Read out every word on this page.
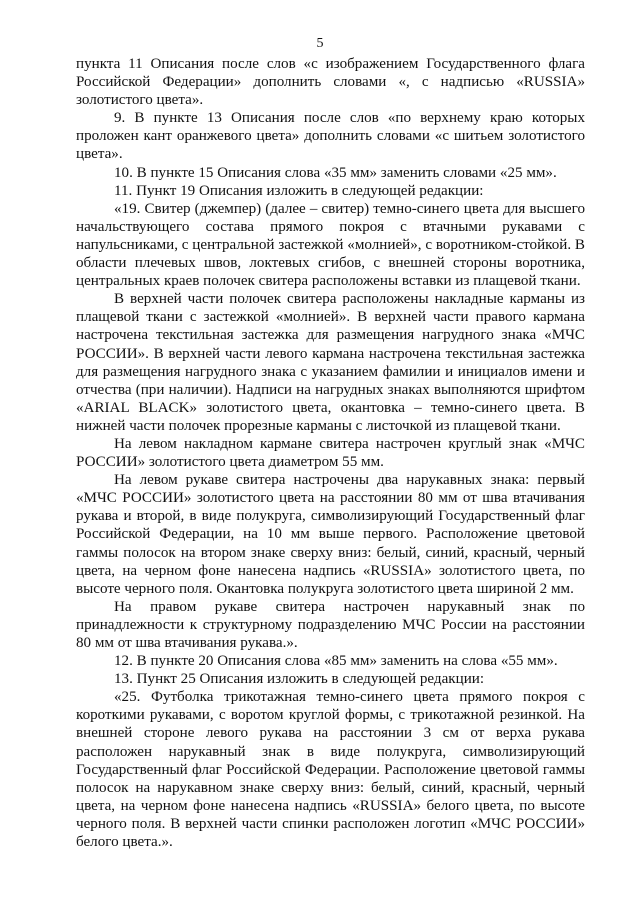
5

пункта 11 Описания после слов «с изображением Государственного флага Российской Федерации» дополнить словами «, с надписью «RUSSIA» золотистого цвета».

9. В пункте 13 Описания после слов «по верхнему краю которых проложен кант оранжевого цвета» дополнить словами «с шитьем золотистого цвета».

10. В пункте 15 Описания слова «35 мм» заменить словами «25 мм».

11. Пункт 19 Описания изложить в следующей редакции:

«19. Свитер (джемпер) (далее – свитер) темно-синего цвета для высшего начальствующего состава прямого покроя с втачными рукавами с напульсниками, с центральной застежкой «молнией», с воротником-стойкой. В области плечевых швов, локтевых сгибов, с внешней стороны воротника, центральных краев полочек свитера расположены вставки из плащевой ткани.

В верхней части полочек свитера расположены накладные карманы из плащевой ткани с застежкой «молнией». В верхней части правого кармана настрочена текстильная застежка для размещения нагрудного знака «МЧС РОССИИ». В верхней части левого кармана настрочена текстильная застежка для размещения нагрудного знака с указанием фамилии и инициалов имени и отчества (при наличии). Надписи на нагрудных знаках выполняются шрифтом «ARIAL BLACK» золотистого цвета, окантовка – темно-синего цвета. В нижней части полочек прорезные карманы с листочкой из плащевой ткани.

На левом накладном кармане свитера настрочен круглый знак «МЧС РОССИИ» золотистого цвета диаметром 55 мм.

На левом рукаве свитера настрочены два нарукавных знака: первый «МЧС РОССИИ» золотистого цвета на расстоянии 80 мм от шва втачивания рукава и второй, в виде полукруга, символизирующий Государственный флаг Российской Федерации, на 10 мм выше первого. Расположение цветовой гаммы полосок на втором знаке сверху вниз: белый, синий, красный, черный цвета, на черном фоне нанесена надпись «RUSSIA» золотистого цвета, по высоте черного поля. Окантовка полукруга золотистого цвета шириной 2 мм.

На правом рукаве свитера настрочен нарукавный знак по принадлежности к структурному подразделению МЧС России на расстоянии 80 мм от шва втачивания рукава.».

12. В пункте 20 Описания слова «85 мм» заменить на слова «55 мм».

13. Пункт 25 Описания изложить в следующей редакции:

«25. Футболка трикотажная темно-синего цвета прямого покроя с короткими рукавами, с воротом круглой формы, с трикотажной резинкой. На внешней стороне левого рукава на расстоянии 3 см от верха рукава расположен нарукавный знак в виде полукруга, символизирующий Государственный флаг Российской Федерации. Расположение цветовой гаммы полосок на нарукавном знаке сверху вниз: белый, синий, красный, черный цвета, на черном фоне нанесена надпись «RUSSIA» белого цвета, по высоте черного поля. В верхней части спинки расположен логотип «МЧС РОССИИ» белого цвета.».
